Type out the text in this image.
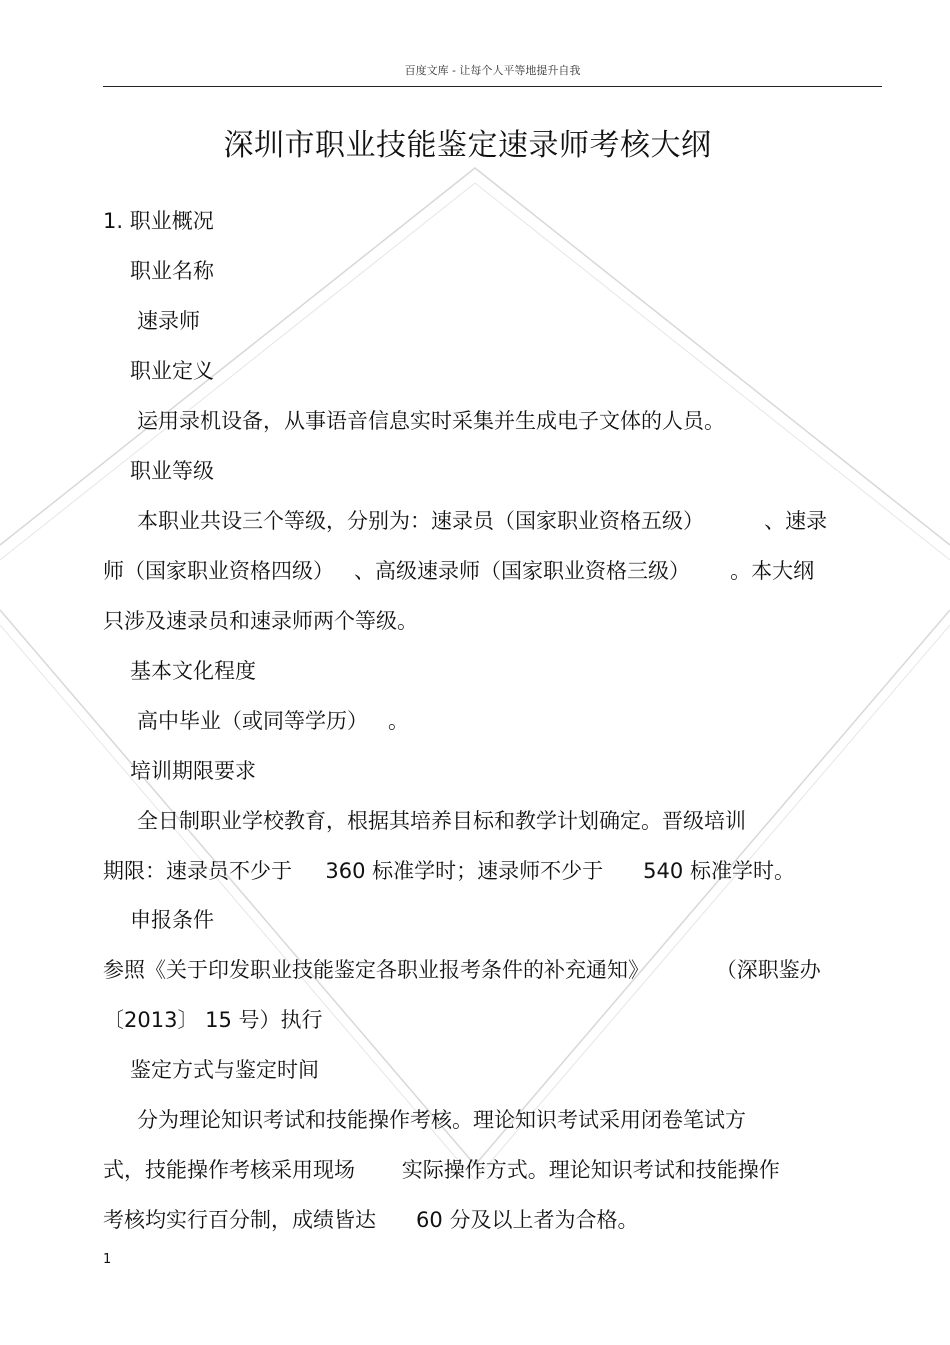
百度文库 - 让每个人平等地提升自我
深圳市职业技能鉴定速录师考核大纲
1. 职业概况
职业名称
速录师
职业定义
运用录机设备，从事语音信息实时采集并生成电子文体的人员。
职业等级
本职业共设三个等级，分别为：速录员（国家职业资格五级）         、速录
师（国家职业资格四级）   、高级速录师（国家职业资格三级）      。本大纲
只涉及速录员和速录师两个等级。
基本文化程度
高中毕业（或同等学历）   。
培训期限要求
全日制职业学校教育，根据其培养目标和教学计划确定。晋级培训
期限：速录员不少于     360 标准学时；速录师不少于      540 标准学时。
申报条件
参照《关于印发职业技能鉴定各职业报考条件的补充通知》          （深职鉴办
〔2013〕 15 号）执行
鉴定方式与鉴定时间
分为理论知识考试和技能操作考核。理论知识考试采用闭卷笔试方
式，技能操作考核采用现场       实际操作方式。理论知识考试和技能操作
考核均实行百分制，成绩皆达      60 分及以上者为合格。
1
